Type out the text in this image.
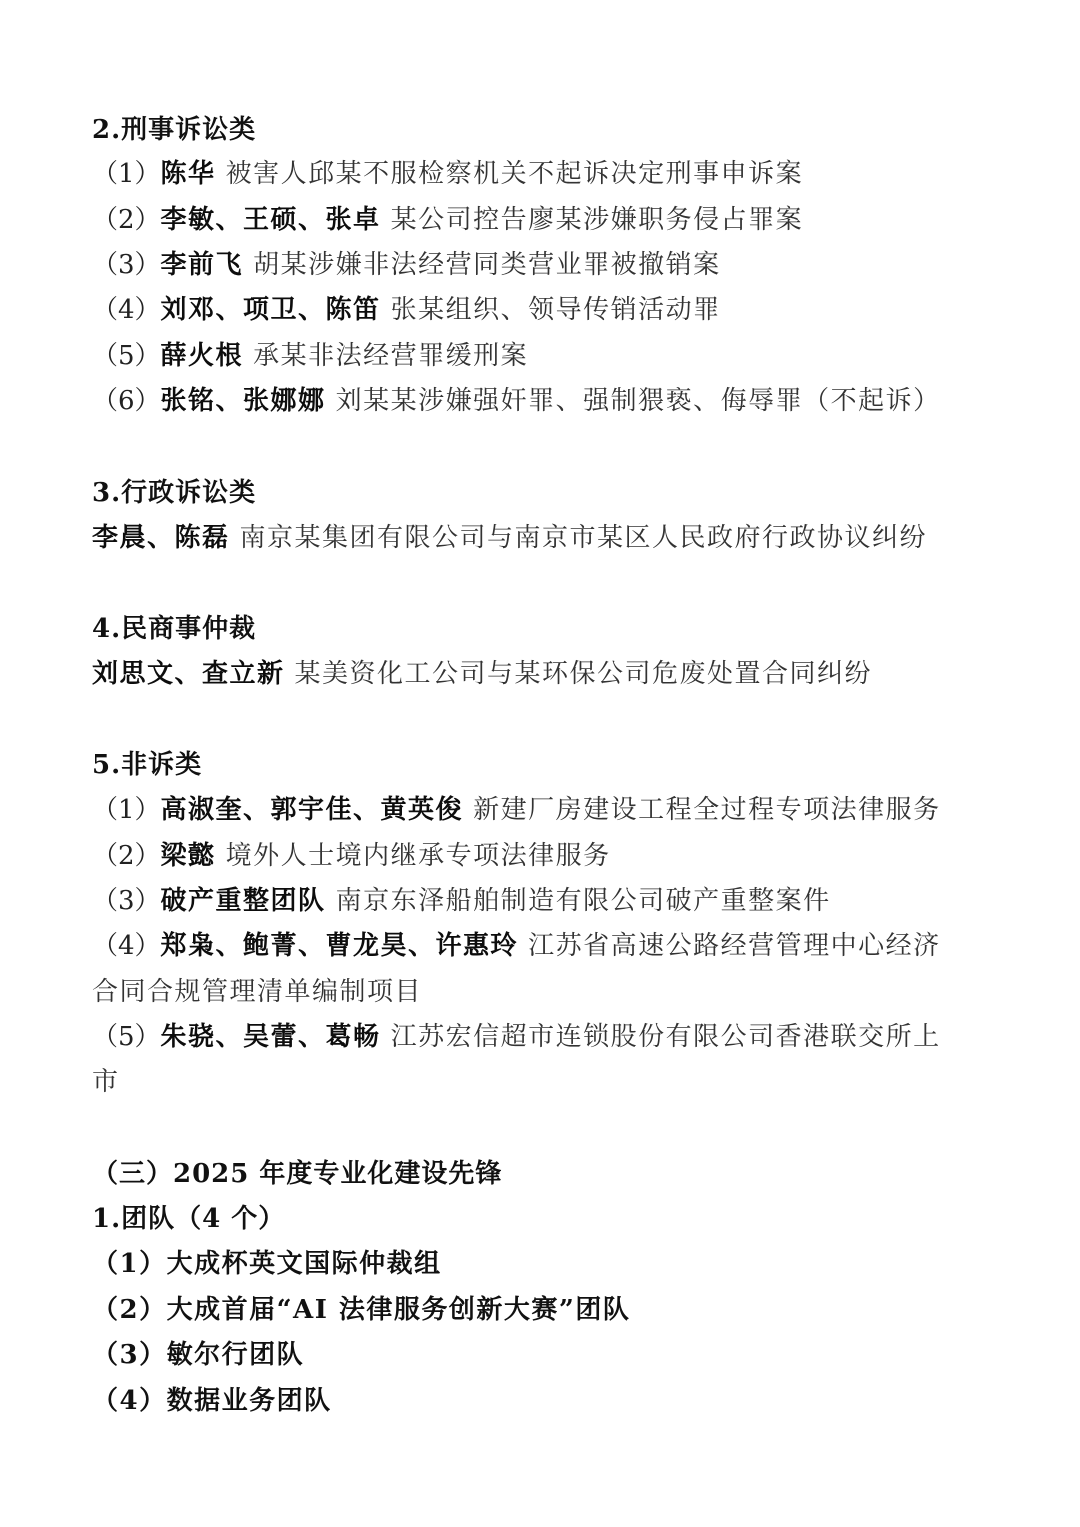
2.刑事诉讼类
（1）陈华 被害人邱某不服检察机关不起诉决定刑事申诉案
（2）李敏、王硕、张卓 某公司控告廖某涉嫌职务侵占罪案
（3）李前飞 胡某涉嫌非法经营同类营业罪被撤销案
（4）刘邓、项卫、陈笛 张某组织、领导传销活动罪
（5）薛火根 承某非法经营罪缓刑案
（6）张铭、张娜娜 刘某某涉嫌强奸罪、强制猥亵、侮辱罪（不起诉）
3.行政诉讼类
李晨、陈磊 南京某集团有限公司与南京市某区人民政府行政协议纠纷
4.民商事仲裁
刘思文、查立新 某美资化工公司与某环保公司危废处置合同纠纷
5.非诉类
（1）高淑奎、郭宇佳、黄英俊 新建厂房建设工程全过程专项法律服务
（2）梁懿 境外人士境内继承专项法律服务
（3）破产重整团队 南京东泽船舶制造有限公司破产重整案件
（4）郑枭、鲍菁、曹龙昊、许惠玲 江苏省高速公路经营管理中心经济
合同合规管理清单编制项目
（5）朱骁、吴蕾、葛畅 江苏宏信超市连锁股份有限公司香港联交所上
市
（三）2025 年度专业化建设先锋
1.团队（4 个）
（1）大成杯英文国际仲裁组
（2）大成首届“AI 法律服务创新大赛”团队
（3）敏尔行团队
（4）数据业务团队
